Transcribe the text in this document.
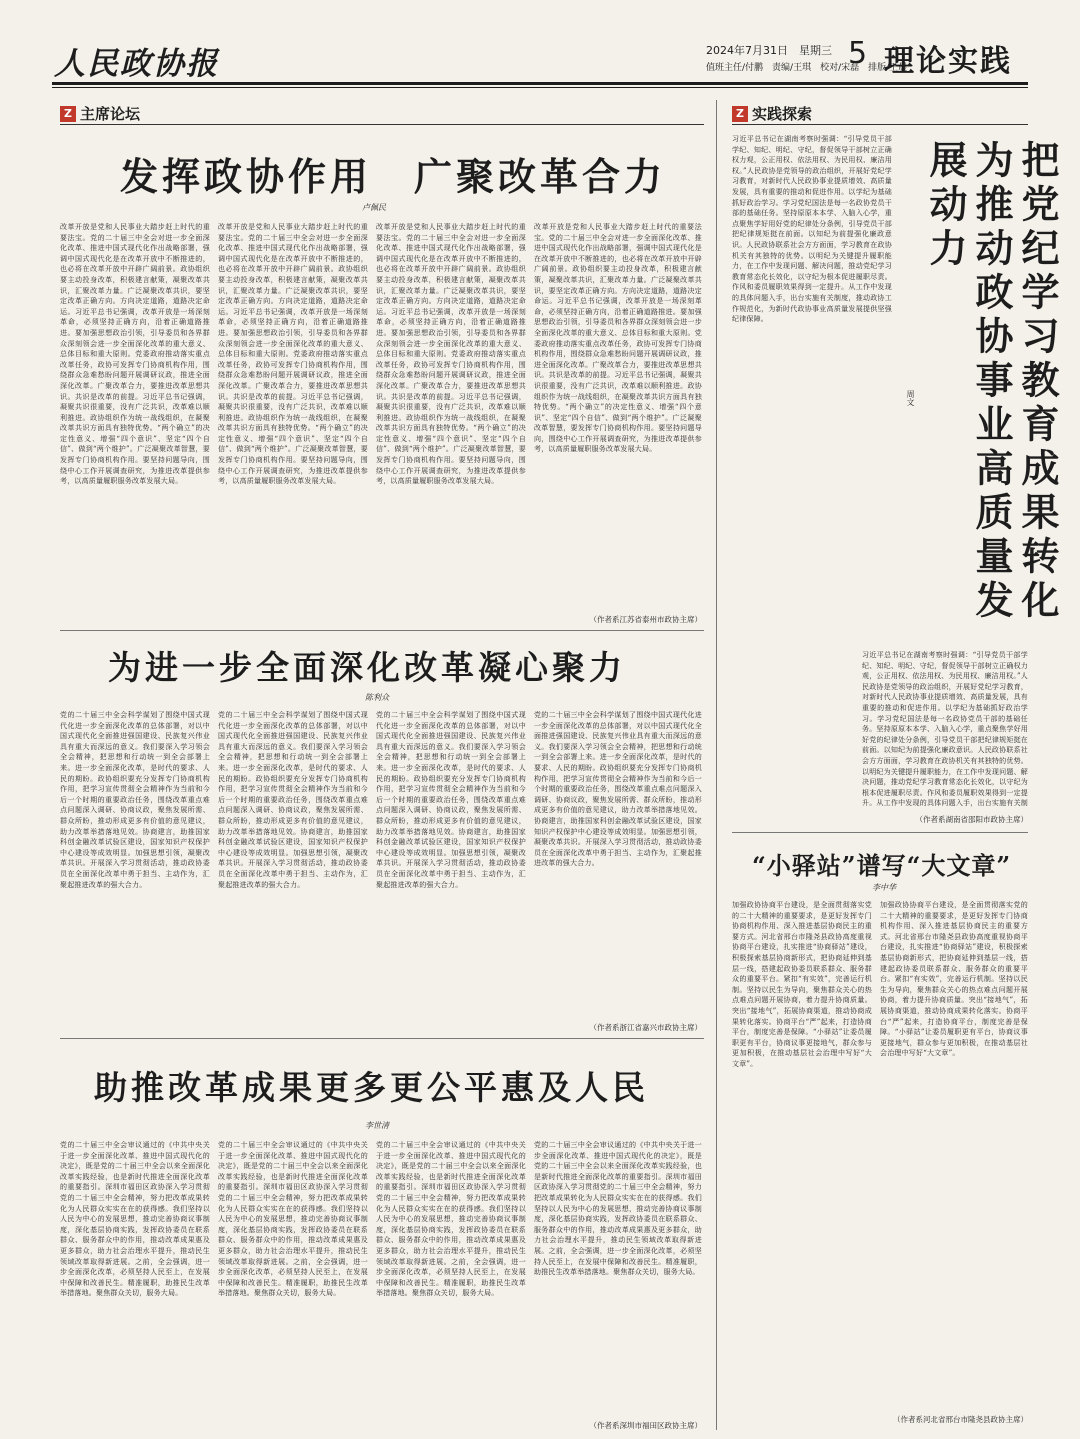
人民政协报	2024年7月31日　星期三
值班主任/付鹏　责编/王琪　校对/宋磊　排版/王晨
5 理论实践
Z 主席论坛	Z 实践探索
发挥政协作用　广聚改革合力
卢佩民
改革开放是党和人民事业大踏步赶上时代的重要法宝。党的二十届三中全会对进一步全面深化改革、推进中国式现代化作出战略部署，强调中国式现代化是在改革开放中不断推进的，也必将在改革开放中开辟广阔前景。政协组织要主动投身改革，积极建言献策，凝聚改革共识，汇聚改革力量。广泛凝聚改革共识，要坚定改革正确方向。方向决定道路，道路决定命运。习近平总书记强调，改革开放是一场深刻革命，必须坚持正确方向，沿着正确道路推进。要加强思想政治引领，引导委员和各界群众深刻领会进一步全面深化改革的重大意义、总体目标和重大原则。党委政府推动落实重点改革任务，政协可发挥专门协商机构作用，围绕群众急难愁盼问题开展调研议政，推进全面深化改革。广聚改革合力，要推进改革思想共识。共识是改革的前提。习近平总书记强调，凝聚共识很重要，没有广泛共识，改革难以顺利推进。政协组织作为统一战线组织，在凝聚改革共识方面具有独特优势。“两个确立”的决定性意义、增强“四个意识”、坚定“四个自信”、做到“两个维护”。广泛凝聚改革智慧，要发挥专门协商机构作用。要坚持问题导向，围绕中心工作开展调查研究，为推进改革提供参考，以高质量履职服务改革发展大局。
改革开放是党和人民事业大踏步赶上时代的重要法宝。党的二十届三中全会对进一步全面深化改革、推进中国式现代化作出战略部署，强调中国式现代化是在改革开放中不断推进的，也必将在改革开放中开辟广阔前景。政协组织要主动投身改革，积极建言献策，凝聚改革共识，汇聚改革力量。广泛凝聚改革共识，要坚定改革正确方向。方向决定道路，道路决定命运。习近平总书记强调，改革开放是一场深刻革命，必须坚持正确方向，沿着正确道路推进。要加强思想政治引领，引导委员和各界群众深刻领会进一步全面深化改革的重大意义、总体目标和重大原则。党委政府推动落实重点改革任务，政协可发挥专门协商机构作用，围绕群众急难愁盼问题开展调研议政，推进全面深化改革。广聚改革合力，要推进改革思想共识。共识是改革的前提。习近平总书记强调，凝聚共识很重要，没有广泛共识，改革难以顺利推进。政协组织作为统一战线组织，在凝聚改革共识方面具有独特优势。“两个确立”的决定性意义、增强“四个意识”、坚定“四个自信”、做到“两个维护”。广泛凝聚改革智慧，要发挥专门协商机构作用。要坚持问题导向，围绕中心工作开展调查研究，为推进改革提供参考，以高质量履职服务改革发展大局。
改革开放是党和人民事业大踏步赶上时代的重要法宝。党的二十届三中全会对进一步全面深化改革、推进中国式现代化作出战略部署，强调中国式现代化是在改革开放中不断推进的，也必将在改革开放中开辟广阔前景。政协组织要主动投身改革，积极建言献策，凝聚改革共识，汇聚改革力量。广泛凝聚改革共识，要坚定改革正确方向。方向决定道路，道路决定命运。习近平总书记强调，改革开放是一场深刻革命，必须坚持正确方向，沿着正确道路推进。要加强思想政治引领，引导委员和各界群众深刻领会进一步全面深化改革的重大意义、总体目标和重大原则。党委政府推动落实重点改革任务，政协可发挥专门协商机构作用，围绕群众急难愁盼问题开展调研议政，推进全面深化改革。广聚改革合力，要推进改革思想共识。共识是改革的前提。习近平总书记强调，凝聚共识很重要，没有广泛共识，改革难以顺利推进。政协组织作为统一战线组织，在凝聚改革共识方面具有独特优势。“两个确立”的决定性意义、增强“四个意识”、坚定“四个自信”、做到“两个维护”。广泛凝聚改革智慧，要发挥专门协商机构作用。要坚持问题导向，围绕中心工作开展调查研究，为推进改革提供参考，以高质量履职服务改革发展大局。
改革开放是党和人民事业大踏步赶上时代的重要法宝。党的二十届三中全会对进一步全面深化改革、推进中国式现代化作出战略部署，强调中国式现代化是在改革开放中不断推进的，也必将在改革开放中开辟广阔前景。政协组织要主动投身改革，积极建言献策，凝聚改革共识，汇聚改革力量。广泛凝聚改革共识，要坚定改革正确方向。方向决定道路，道路决定命运。习近平总书记强调，改革开放是一场深刻革命，必须坚持正确方向，沿着正确道路推进。要加强思想政治引领，引导委员和各界群众深刻领会进一步全面深化改革的重大意义、总体目标和重大原则。党委政府推动落实重点改革任务，政协可发挥专门协商机构作用，围绕群众急难愁盼问题开展调研议政，推进全面深化改革。广聚改革合力，要推进改革思想共识。共识是改革的前提。习近平总书记强调，凝聚共识很重要，没有广泛共识，改革难以顺利推进。政协组织作为统一战线组织，在凝聚改革共识方面具有独特优势。“两个确立”的决定性意义、增强“四个意识”、坚定“四个自信”、做到“两个维护”。广泛凝聚改革智慧，要发挥专门协商机构作用。要坚持问题导向，围绕中心工作开展调查研究，为推进改革提供参考，以高质量履职服务改革发展大局。
（作者系江苏省泰州市政协主席）
为进一步全面深化改革凝心聚力
陈利众
党的二十届三中全会科学谋划了围绕中国式现代化进一步全面深化改革的总体部署，对以中国式现代化全面推进强国建设、民族复兴伟业具有重大而深远的意义。我们要深入学习领会全会精神，把思想和行动统一到全会部署上来。进一步全面深化改革，是时代的要求、人民的期盼。政协组织要充分发挥专门协商机构作用，把学习宣传贯彻全会精神作为当前和今后一个时期的重要政治任务，围绕改革重点难点问题深入调研、协商议政，聚焦发展所需、群众所盼，推动形成更多有价值的意见建议，助力改革举措落地见效。协商建言，助推国家科创金融改革试验区建设，国家知识产权保护中心建设等成效明显。加强思想引领，凝聚改革共识。开展深入学习贯彻活动，推动政协委员在全面深化改革中勇于担当、主动作为，汇聚起推进改革的强大合力。
党的二十届三中全会科学谋划了围绕中国式现代化进一步全面深化改革的总体部署，对以中国式现代化全面推进强国建设、民族复兴伟业具有重大而深远的意义。我们要深入学习领会全会精神，把思想和行动统一到全会部署上来。进一步全面深化改革，是时代的要求、人民的期盼。政协组织要充分发挥专门协商机构作用，把学习宣传贯彻全会精神作为当前和今后一个时期的重要政治任务，围绕改革重点难点问题深入调研、协商议政，聚焦发展所需、群众所盼，推动形成更多有价值的意见建议，助力改革举措落地见效。协商建言，助推国家科创金融改革试验区建设，国家知识产权保护中心建设等成效明显。加强思想引领，凝聚改革共识。开展深入学习贯彻活动，推动政协委员在全面深化改革中勇于担当、主动作为，汇聚起推进改革的强大合力。
党的二十届三中全会科学谋划了围绕中国式现代化进一步全面深化改革的总体部署，对以中国式现代化全面推进强国建设、民族复兴伟业具有重大而深远的意义。我们要深入学习领会全会精神，把思想和行动统一到全会部署上来。进一步全面深化改革，是时代的要求、人民的期盼。政协组织要充分发挥专门协商机构作用，把学习宣传贯彻全会精神作为当前和今后一个时期的重要政治任务，围绕改革重点难点问题深入调研、协商议政，聚焦发展所需、群众所盼，推动形成更多有价值的意见建议，助力改革举措落地见效。协商建言，助推国家科创金融改革试验区建设，国家知识产权保护中心建设等成效明显。加强思想引领，凝聚改革共识。开展深入学习贯彻活动，推动政协委员在全面深化改革中勇于担当、主动作为，汇聚起推进改革的强大合力。
党的二十届三中全会科学谋划了围绕中国式现代化进一步全面深化改革的总体部署，对以中国式现代化全面推进强国建设、民族复兴伟业具有重大而深远的意义。我们要深入学习领会全会精神，把思想和行动统一到全会部署上来。进一步全面深化改革，是时代的要求、人民的期盼。政协组织要充分发挥专门协商机构作用，把学习宣传贯彻全会精神作为当前和今后一个时期的重要政治任务，围绕改革重点难点问题深入调研、协商议政，聚焦发展所需、群众所盼，推动形成更多有价值的意见建议，助力改革举措落地见效。协商建言，助推国家科创金融改革试验区建设，国家知识产权保护中心建设等成效明显。加强思想引领，凝聚改革共识。开展深入学习贯彻活动，推动政协委员在全面深化改革中勇于担当、主动作为，汇聚起推进改革的强大合力。
（作者系浙江省嘉兴市政协主席）
助推改革成果更多更公平惠及人民
李世清
党的二十届三中全会审议通过的《中共中央关于进一步全面深化改革、推进中国式现代化的决定》，既是党的二十届三中全会以来全面深化改革实践经验，也是新时代推进全面深化改革的重要指引。深圳市福田区政协深入学习贯彻党的二十届三中全会精神，努力把改革成果转化为人民群众实实在在的获得感。我们坚持以人民为中心的发展思想，推动完善协商议事制度，深化基层协商实践，发挥政协委员在联系群众、服务群众中的作用，推动改革成果惠及更多群众，助力社会治理水平提升，推动民生领域改革取得新进展。之前，全会强调，进一步全面深化改革，必须坚持人民至上，在发展中保障和改善民生。精准履职，助推民生改革举措落地。聚焦群众关切，服务大局。
党的二十届三中全会审议通过的《中共中央关于进一步全面深化改革、推进中国式现代化的决定》，既是党的二十届三中全会以来全面深化改革实践经验，也是新时代推进全面深化改革的重要指引。深圳市福田区政协深入学习贯彻党的二十届三中全会精神，努力把改革成果转化为人民群众实实在在的获得感。我们坚持以人民为中心的发展思想，推动完善协商议事制度，深化基层协商实践，发挥政协委员在联系群众、服务群众中的作用，推动改革成果惠及更多群众，助力社会治理水平提升，推动民生领域改革取得新进展。之前，全会强调，进一步全面深化改革，必须坚持人民至上，在发展中保障和改善民生。精准履职，助推民生改革举措落地。聚焦群众关切，服务大局。
党的二十届三中全会审议通过的《中共中央关于进一步全面深化改革、推进中国式现代化的决定》，既是党的二十届三中全会以来全面深化改革实践经验，也是新时代推进全面深化改革的重要指引。深圳市福田区政协深入学习贯彻党的二十届三中全会精神，努力把改革成果转化为人民群众实实在在的获得感。我们坚持以人民为中心的发展思想，推动完善协商议事制度，深化基层协商实践，发挥政协委员在联系群众、服务群众中的作用，推动改革成果惠及更多群众，助力社会治理水平提升，推动民生领域改革取得新进展。之前，全会强调，进一步全面深化改革，必须坚持人民至上，在发展中保障和改善民生。精准履职，助推民生改革举措落地。聚焦群众关切，服务大局。
党的二十届三中全会审议通过的《中共中央关于进一步全面深化改革、推进中国式现代化的决定》，既是党的二十届三中全会以来全面深化改革实践经验，也是新时代推进全面深化改革的重要指引。深圳市福田区政协深入学习贯彻党的二十届三中全会精神，努力把改革成果转化为人民群众实实在在的获得感。我们坚持以人民为中心的发展思想，推动完善协商议事制度，深化基层协商实践，发挥政协委员在联系群众、服务群众中的作用，推动改革成果惠及更多群众，助力社会治理水平提升，推动民生领域改革取得新进展。之前，全会强调，进一步全面深化改革，必须坚持人民至上，在发展中保障和改善民生。精准履职，助推民生改革举措落地。聚焦群众关切，服务大局。
（作者系深圳市福田区政协主席）
把党纪学习教育成果转化为推动政协事业高质量发展动力
周文
习近平总书记在湖南考察时强调：“引导党员干部学纪、知纪、明纪、守纪，督促领导干部树立正确权力观，公正用权、依法用权、为民用权、廉洁用权。”人民政协是党领导的政治组织，开展好党纪学习教育，对新时代人民政协事业提质增效、高质量发展，具有重要的推动和促进作用。以学纪为基础抓好政治学习。学习党纪国法是每一名政协党员干部的基础任务。坚持原原本本学、入脑入心学，重点聚焦学好用好党的纪律处分条例，引导党员干部把纪律规矩挺在前面。以知纪为前提强化廉政意识。人民政协联系社会方方面面，学习教育在政协机关有其独特的优势。以明纪为关键提升履职能力，在工作中发现问题、解决问题，推动党纪学习教育常态化长效化，以守纪为根本促进履职尽责。作风和委员履职效果得到一定提升。从工作中发现的具体问题入手，出台实施有关制度，推动政协工作规范化，为新时代政协事业高质量发展提供坚强纪律保障。
习近平总书记在湖南考察时强调：“引导党员干部学纪、知纪、明纪、守纪，督促领导干部树立正确权力观，公正用权、依法用权、为民用权、廉洁用权。”人民政协是党领导的政治组织，开展好党纪学习教育，对新时代人民政协事业提质增效、高质量发展，具有重要的推动和促进作用。以学纪为基础抓好政治学习。学习党纪国法是每一名政协党员干部的基础任务。坚持原原本本学、入脑入心学，重点聚焦学好用好党的纪律处分条例，引导党员干部把纪律规矩挺在前面。以知纪为前提强化廉政意识。人民政协联系社会方方面面，学习教育在政协机关有其独特的优势。以明纪为关键提升履职能力，在工作中发现问题、解决问题，推动党纪学习教育常态化长效化，以守纪为根本促进履职尽责。作风和委员履职效果得到一定提升。从工作中发现的具体问题入手，出台实施有关制
（作者系湖南省邵阳市政协主席）
“小驿站”谱写“大文章”
李中华
加强政协协商平台建设，是全面贯彻落实党的二十大精神的重要要求，是更好发挥专门协商机构作用、深入推进基层协商民主的重要方式。河北省邢台市隆尧县政协高度重视协商平台建设，扎实推进“协商驿站”建设，积极探索基层协商新形式，把协商延伸到基层一线，搭建起政协委员联系群众、服务群众的重要平台。紧扣“有实效”，完善运行机制。坚持以民生为导向，聚焦群众关心的热点难点问题开展协商，着力提升协商质量。突出“接地气”，拓展协商渠道，推动协商成果转化落实。协商平台“严”起来，打造协商平台，制度完善是保障。“小驿站”让委员履职更有平台，协商议事更接地气，群众参与更加积极，在推动基层社会治理中写好“大文章”。
加强政协协商平台建设，是全面贯彻落实党的二十大精神的重要要求，是更好发挥专门协商机构作用、深入推进基层协商民主的重要方式。河北省邢台市隆尧县政协高度重视协商平台建设，扎实推进“协商驿站”建设，积极探索基层协商新形式，把协商延伸到基层一线，搭建起政协委员联系群众、服务群众的重要平台。紧扣“有实效”，完善运行机制。坚持以民生为导向，聚焦群众关心的热点难点问题开展协商，着力提升协商质量。突出“接地气”，拓展协商渠道，推动协商成果转化落实。协商平台“严”起来，打造协商平台，制度完善是保障。“小驿站”让委员履职更有平台，协商议事更接地气，群众参与更加积极，在推动基层社会治理中写好“大文章”。
（作者系河北省邢台市隆尧县政协主席）
